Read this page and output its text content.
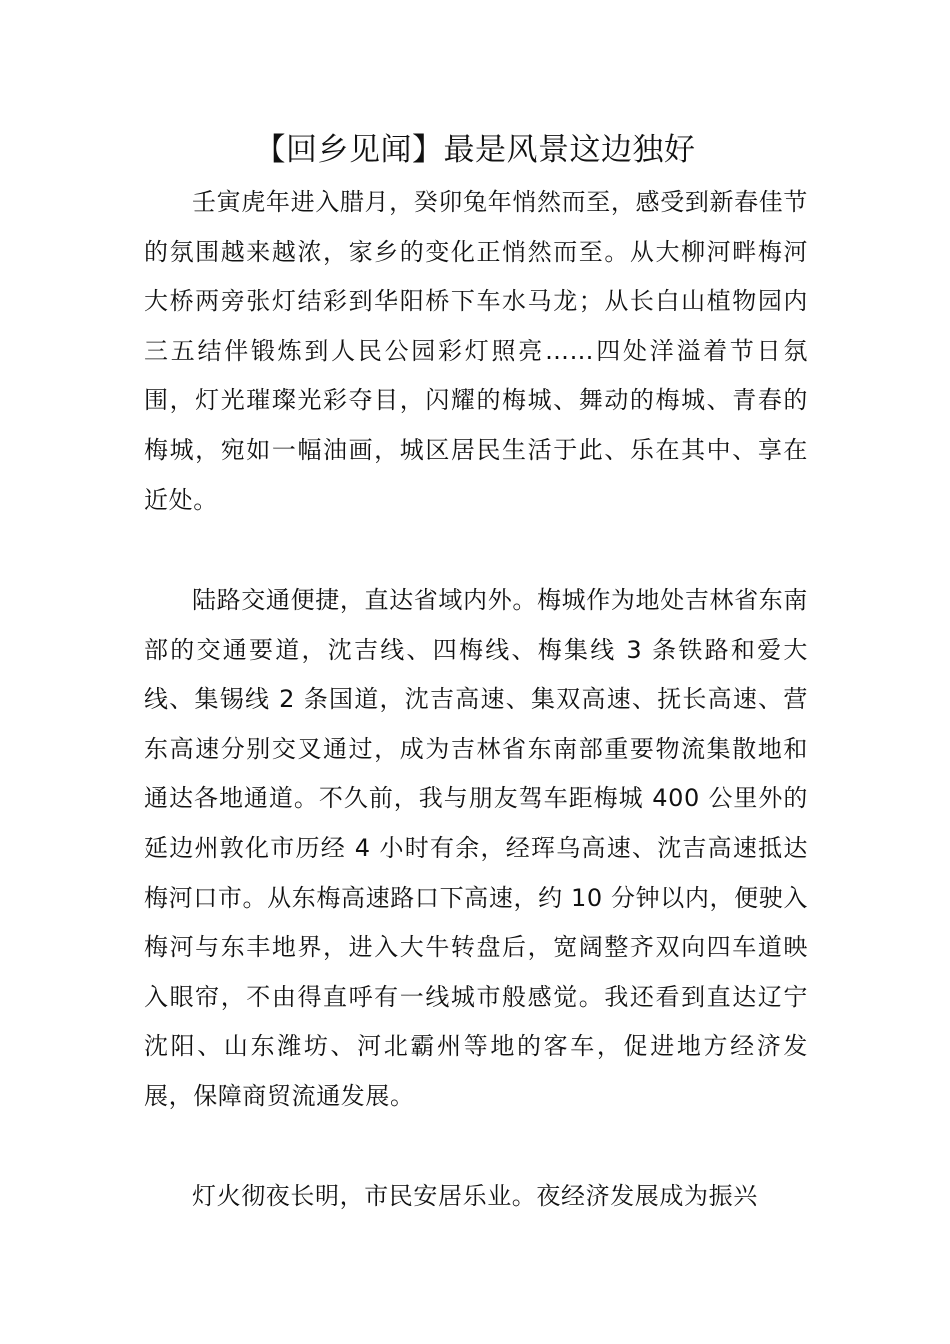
【回乡见闻】最是风景这边独好

壬寅虎年进入腊月，癸卯兔年悄然而至，感受到新春佳节的氛围越来越浓，家乡的变化正悄然而至。从大柳河畔梅河大桥两旁张灯结彩到华阳桥下车水马龙；从长白山植物园内三五结伴锻炼到人民公园彩灯照亮……四处洋溢着节日氛围，灯光璀璨光彩夺目，闪耀的梅城、舞动的梅城、青春的梅城，宛如一幅油画，城区居民生活于此、乐在其中、享在近处。

陆路交通便捷，直达省域内外。梅城作为地处吉林省东南部的交通要道，沈吉线、四梅线、梅集线 3 条铁路和爱大线、集锡线 2 条国道，沈吉高速、集双高速、抚长高速、营东高速分别交叉通过，成为吉林省东南部重要物流集散地和通达各地通道。不久前，我与朋友驾车距梅城 400 公里外的延边州敦化市历经 4 小时有余，经珲乌高速、沈吉高速抵达梅河口市。从东梅高速路口下高速，约 10 分钟以内，便驶入梅河与东丰地界，进入大牛转盘后，宽阔整齐双向四车道映入眼帘，不由得直呼有一线城市般感觉。我还看到直达辽宁沈阳、山东潍坊、河北霸州等地的客车，促进地方经济发展，保障商贸流通发展。

灯火彻夜长明，市民安居乐业。夜经济发展成为振兴
